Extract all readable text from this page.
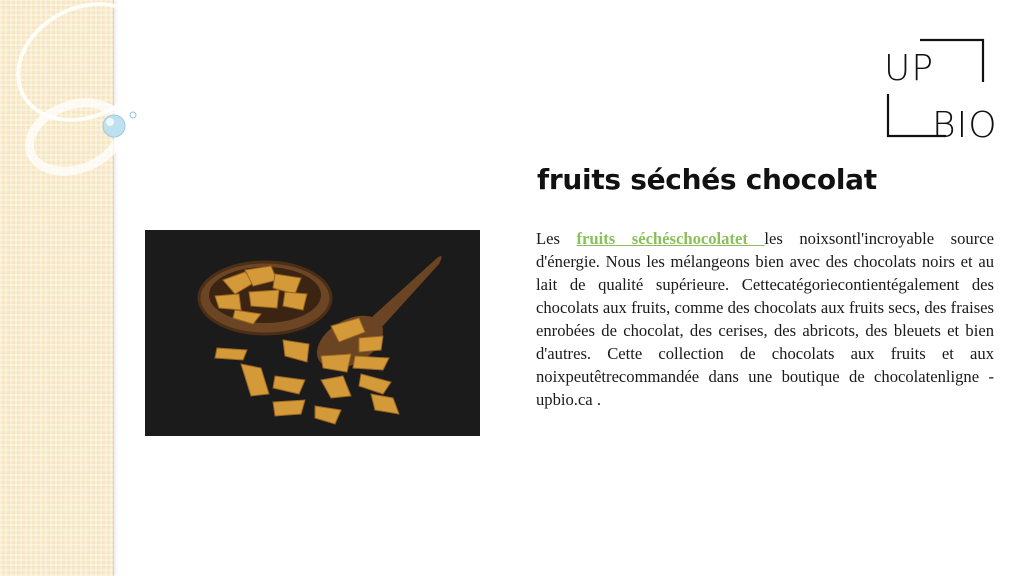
UP
BIO
fruits séchés chocolat

Les fruits séchéschocolatet les noixsontl'incroyable source d'énergie. Nous les mélangeons bien avec des chocolats noirs et au lait de qualité supérieure. Cettecatégoriecontientégalement des chocolats aux fruits, comme des chocolats aux fruits secs, des fraises enrobées de chocolat, des cerises, des abricots, des bleuets et bien d'autres. Cette collection de chocolats aux fruits et aux noixpeutêtrecommandée dans une boutique de chocolatenligne - upbio.ca .
